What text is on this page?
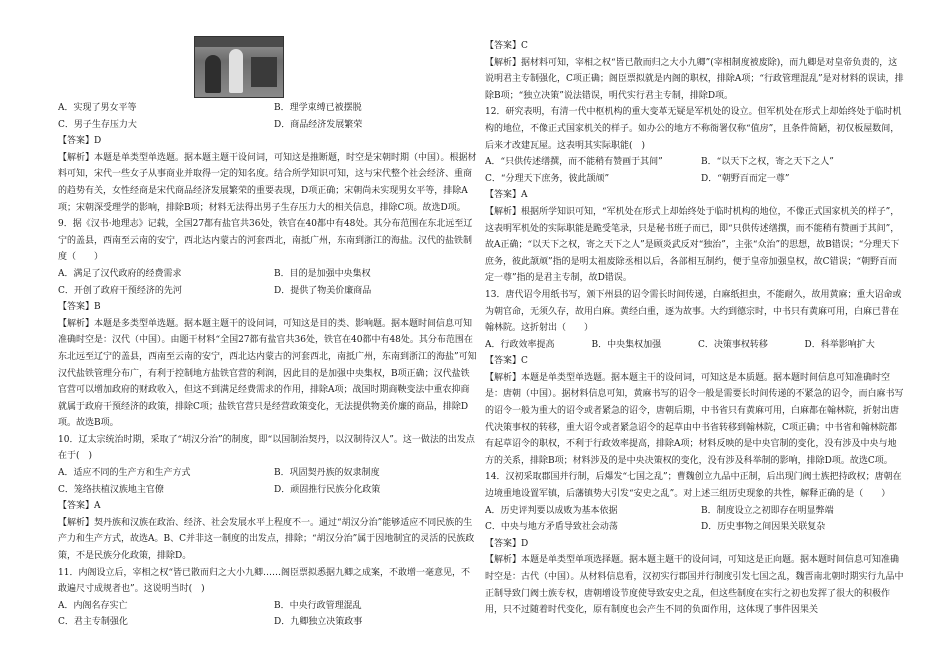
A．实现了男女平等	B．理学束缚已被摆脱
C．男子生存压力大	D．商品经济发展繁荣

【答案】D

【解析】本题是单类型单选题。据本题主题干设问词，可知这是推断题，时空是宋朝时期（中国）。根据材料可知，宋代一些女子从事商业并取得一定的知名度。结合所学知识可知，这与宋代整个社会经济、重商的趋势有关，女性经商是宋代商品经济发展繁荣的重要表现，D项正确；宋朝尚未实现男女平等，排除A项；宋朝深受理学的影响，排除B项；材料无法得出男子生存压力大的相关信息，排除C项。故选D项。

9．据《汉书·地理志》记载，全国27都有盐官共36处，铁官在40都中有48处。其分布范围在东北远至辽宁的盖县，西南至云南的安宁，西北达内蒙古的河套西北，南抵广州，东南到浙江的海盐。汉代的盐铁制度（　　）

A．满足了汉代政府的经费需求	B．目的是加强中央集权
C．开创了政府干预经济的先河	D．提供了物美价廉商品

【答案】B

【解析】本题是多类型单选题。据本题主题干的设问词，可知这是目的类、影响题。据本题时间信息可知准确时空是：汉代（中国）。由题干材料“全国27都有盐官共36处，铁官在40都中有48处。其分布范围在东北远至辽宁的盖县，西南至云南的安宁，西北达内蒙古的河套西北，南抵广州，东南到浙江的海盐”可知汉代盐铁管理分布广，有利于控制地方盐铁官营的利润，因此目的是加强中央集权，B项正确；汉代盐铁官营可以增加政府的财政收入，但这不到满足经费需求的作用，排除A项；战国时期商鞅变法中重农抑商就属于政府干预经济的政策，排除C项；盐铁官营只是经营政策变化，无法提供物美价廉的商品，排除D项。故选B项。

10．辽太宗统治时期，采取了“胡汉分治”的制度，即“以国制治契丹，以汉制待汉人”。这一做法的出发点在于(　)

A．适应不同的生产方和生产方式	B．巩固契丹族的奴隶制度
C．笼络扶植汉族地主官僚	D．顽固推行民族分化政策

【答案】A

【解析】契丹族和汉族在政治、经济、社会发展水平上程度不一。通过“胡汉分治”能够适应不同民族的生产力和生产方式，故选A。B、C并非这一制度的出发点，排除；“胡汉分治”属于因地制宜的灵活的民族政策，不是民族分化政策，排除D。

11．内阁设立后，宰相之权“皆已散而归之大小九卿……阁臣票拟悉据九卿之成案，不敢增一毫意见，不敢遍尺寸成规者也”。这说明当时(　)

A．内阁名存实亡	B．中央行政管理混乱
C．君主专制强化	D．九卿独立决策政事

【答案】C

【解析】据材料可知，宰相之权“皆已散而归之大小九卿”(宰相制度被废除)，而九卿是对皇帝负责的，这说明君主专制强化，C项正确；阁臣票拟就是内阁的职权，排除A项；“行政管理混乱”是对材料的误读，排除B项；“独立决策”说法错误，明代实行君主专制，排除D项。

12．研究表明，有清一代中枢机构的重大变革无疑是军机处的设立。但军机处在形式上却始终处于临时机构的地位，不像正式国家机关的样子。如办公的地方不称衙署仅称“值房”，且条件简陋，初仅板屋数间，后来才改建瓦屋。这表明其实际职能(　)

A．“只供传述缮撰，而不能稍有赞画于其间”	B．“以天下之权，寄之天下之人”
C．“分理天下庶务，彼此颉颃”	D．“朝野百而定一尊”

【答案】A

【解析】根据所学知识可知，“军机处在形式上却始终处于临时机构的地位，不像正式国家机关的样子”，这表明军机处的实际职能是跪受笔录，只是秘书班子而已，即“只供传述缮撰，而不能稍有赞画于其间”，故A正确；“以天下之权，寄之天下之人”是顾炎武反对“独治”，主张“众治”的思想，故B错误；“分理天下庶务，彼此颉颃”指的是明太祖废除丞相以后，各部相互制约，便于皇帝加强皇权，故C错误；“朝野百而定一尊”指的是君主专制，故D错误。

13．唐代诏令用纸书写，颁下州县的诏令需长时间传递，白麻纸担虫，不能耐久，故用黄麻；重大诏命或为朝官命，无须久存，故用白麻。黄经白重，逐为故事。大约到德宗时，中书只有黄麻可用，白麻已普在翰林院。这折射出（　　）

A．行政效率提高	B．中央集权加强	C．决策事权转移	D．科举影响扩大

【答案】C

【解析】本题是单类型单选题。据本题主干的设问词，可知这是本质题。据本题时间信息可知准确时空是：唐朝（中国）。据材料信息可知，黄麻书写的诏令一般是需要长时间传递的不紧急的诏令，而白麻书写的诏令一般为重大的诏令或者紧急的诏令，唐朝后期，中书省只有黄麻可用，白麻都在翰林院，折射出唐代决策事权的转移，重大诏令或者紧急诏令的起草由中书省转移到翰林院，C项正确；中书省和翰林院都有起草诏令的职权，不利于行政效率提高，排除A项；材料反映的是中央官制的变化，没有涉及中央与地方的关系，排除B项；材料涉及的是中央决策权的变化，没有涉及科举制的影响，排除D项。故选C项。

14．汉初采取郡国并行制，后爆发“七国之乱”；曹魏创立九品中正制，后出现门阀士族把持政权；唐朝在边境重地设置军镇，后藩镇势大引发“安史之乱”。对上述三组历史现象的共性，解释正确的是（　　）

A．历史评判要以成败为基本依据	B．制度设立之初即存在明显弊端
C．中央与地方矛盾导致社会动荡	D．历史事物之间因果关联复杂

【答案】D

【解析】本题是单类型单项选择题。据本题主题干的设问词，可知这是正向题。据本题时间信息可知准确时空是：古代（中国）。从材料信息看，汉初实行郡国并行制度引发七国之乱，魏晋南北朝时期实行九品中正制导致门阀士族专权，唐朝增设节度使导致安史之乱，但这些制度在实行之初也发挥了很大的积极作用，只不过随着时代变化，原有制度也会产生不同的负面作用，这体现了事件因果关
